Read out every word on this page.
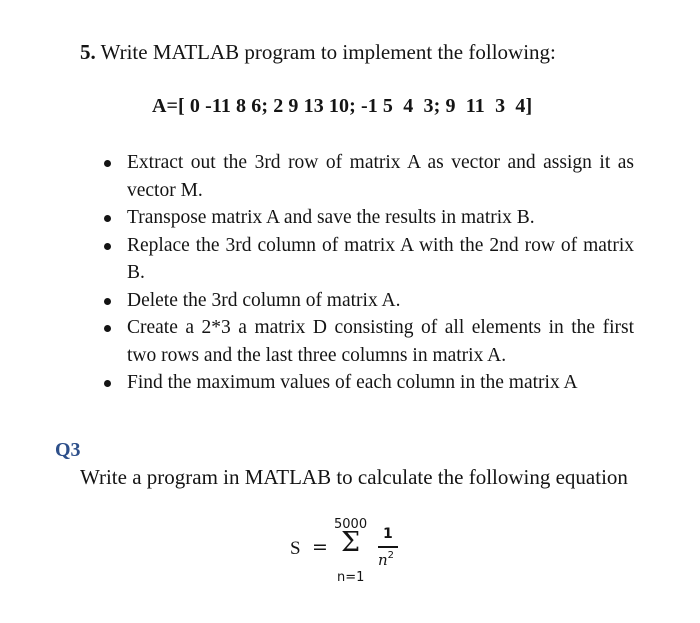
5. Write MATLAB program to implement the following:
A=[ 0 -11 8 6; 2 9 13 10; -1 5  4  3; 9  11  3  4]
Extract out the 3rd row of matrix A as vector and assign it as vector M.
Transpose matrix A and save the results in matrix B.
Replace the 3rd column of matrix A with the 2nd row of matrix B.
Delete the 3rd column of matrix A.
Create a 2*3 a matrix D consisting of all elements in the first two rows and the last three columns in matrix A.
Find the maximum values of each column in the matrix A
Q3
Write a program in MATLAB to calculate the following equation
S =
5000
Σ
n=1
1
$n^2$
